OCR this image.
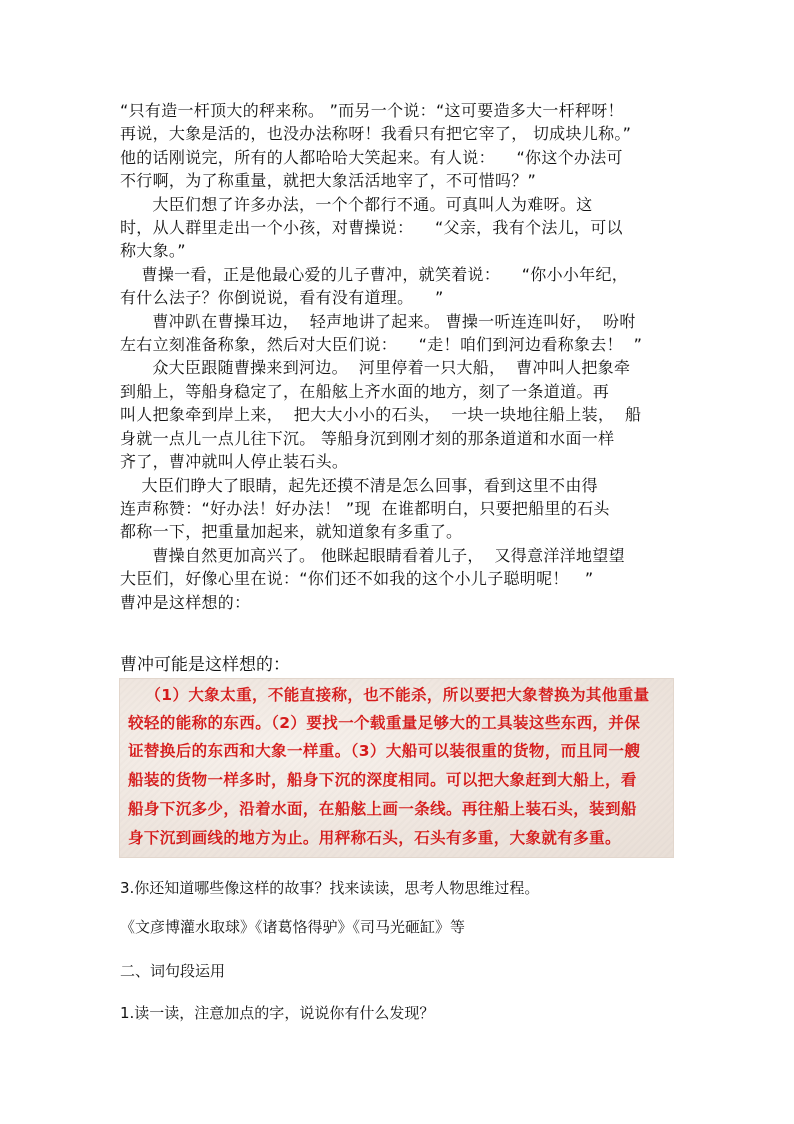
“只有造一杆顶大的秤来称。 ”而另一个说：“这可要造多大一杆秤呀！

再说，大象是活的，也没办法称呀！我看只有把它宰了， 切成块儿称。”

他的话刚说完，所有的人都哈哈大笑起来。有人说：    “你这个办法可

不行啊，为了称重量，就把大象活活地宰了，不可惜吗？”

大臣们想了许多办法，一个个都行不通。可真叫人为难呀。这

时，从人群里走出一个小孩，对曹操说：    “父亲，我有个法儿，可以

称大象。”

曹操一看，正是他最心爱的儿子曹冲，就笑着说：    “你小小年纪，

有什么法子？你倒说说，看有没有道理。    ”

曹冲趴在曹操耳边，  轻声地讲了起来。 曹操一听连连叫好，  吩咐

左右立刻准备称象，然后对大臣们说：    “走！咱们到河边看称象去！  ”

众大臣跟随曹操来到河边。  河里停着一只大船，  曹冲叫人把象牵

到船上，等船身稳定了，在船舷上齐水面的地方，刻了一条道道。再

叫人把象牵到岸上来，  把大大小小的石头，  一块一块地往船上装，  船

身就一点儿一点儿往下沉。 等船身沉到刚才刻的那条道道和水面一样

齐了，曹冲就叫人停止装石头。

大臣们睁大了眼睛，起先还摸不清是怎么回事，看到这里不由得

连声称赞：“好办法！好办法！ ”现  在谁都明白，只要把船里的石头

都称一下，把重量加起来，就知道象有多重了。

曹操自然更加高兴了。 他眯起眼睛看着儿子，  又得意洋洋地望望

大臣们，好像心里在说：“你们还不如我的这个小儿子聪明呢！   ”

曹冲是这样想的：

曹冲可能是这样想的：

（1）大象太重，不能直接称，也不能杀，所以要把大象替换为其他重量

较轻的能称的东西。（2）要找一个载重量足够大的工具装这些东西，并保

证替换后的东西和大象一样重。（3）大船可以装很重的货物，而且同一艘

船装的货物一样多时，船身下沉的深度相同。可以把大象赶到大船上，看

船身下沉多少，沿着水面，在船舷上画一条线。再往船上装石头，装到船

身下沉到画线的地方为止。用秤称石头，石头有多重，大象就有多重。

3.你还知道哪些像这样的故事？找来读读，思考人物思维过程。
《文彦博灌水取球》《诸葛恪得驴》《司马光砸缸》等
二、词句段运用
1.读一读，注意加点的字，说说你有什么发现？
